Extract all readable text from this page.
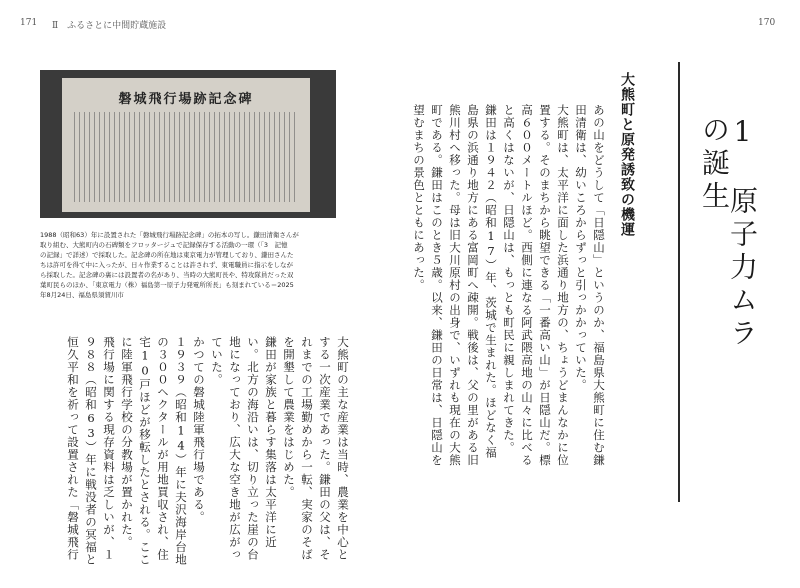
171 Ⅱ　ふるさとに中間貯蔵施設	170
磐城飛行場跡記念碑

1988（昭和63）年に設置された「磐城飛行場跡記念碑」の拓本の写し。鎌田清衛さんが

取り組む、大熊町内の石碑類をフロッタージュで記録保存する活動の一環（「3　記憶

の記録」で詳述）で採取した。記念碑の所在地は東京電力が管理しており、鎌田さんた

ちは許可を得て中に入ったが、日々作業することは許されず、東電職員に指示をしなが

ら採取した。記念碑の裏には設置者の名があり、当時の大熊町長や、特攻隊員だった双

葉町民らのほか、「東京電力（株）福島第一原子力発電所所長」も刻まれている＝2025

年8月24日、福島県須賀川市	1　原子力ムラの誕生
大熊町と原発誘致の機運

あの山をどうして「日隠山」というのか、福島県大熊町に住む鎌田清衛は、幼いころからずっと引っかかっていた。

大熊町は、太平洋に面した浜通り地方の、ちょうどまんなかに位置する。そのまちから眺望できる「一番高い山」が日隠山だ。標高６００メートルほど。西側に連なる阿武隈高地の山々に比べると高くはないが、日隠山は、もっとも町民に親しまれてきた。

鎌田は１９４２（昭和17）年、茨城で生まれた。ほどなく福島県の浜通り地方にある富岡町へ疎開。戦後は、父の里がある旧熊川村へ移った。母は旧大川原村の出身で、いずれも現在の大熊町である。鎌田はこのとき５歳。以来、鎌田の日常は、日隠山を望むまちの景色とともにあった。

大熊町の主な産業は当時、農業を中心とする一次産業であった。鎌田の父は、それまでの工場勤めから一転、実家のそばを開墾して農業をはじめた。

鎌田が家族と暮らす集落は太平洋に近い。北方の海沿いは、切り立った崖の台地になっており、広大な空き地が広がっていた。

かつての磐城陸軍飛行場である。

１９３９（昭和14）年に夫沢海岸台地の３００ヘクタールが用地買収され、住宅10戸ほどが移転したとされる。ここに陸軍飛行学校の分教場が置かれた。

飛行場に関する現存資料は乏しいが、１９８８（昭和63）年に戦没者の冥福と恒久平和を祈って設置された「磐城飛行
